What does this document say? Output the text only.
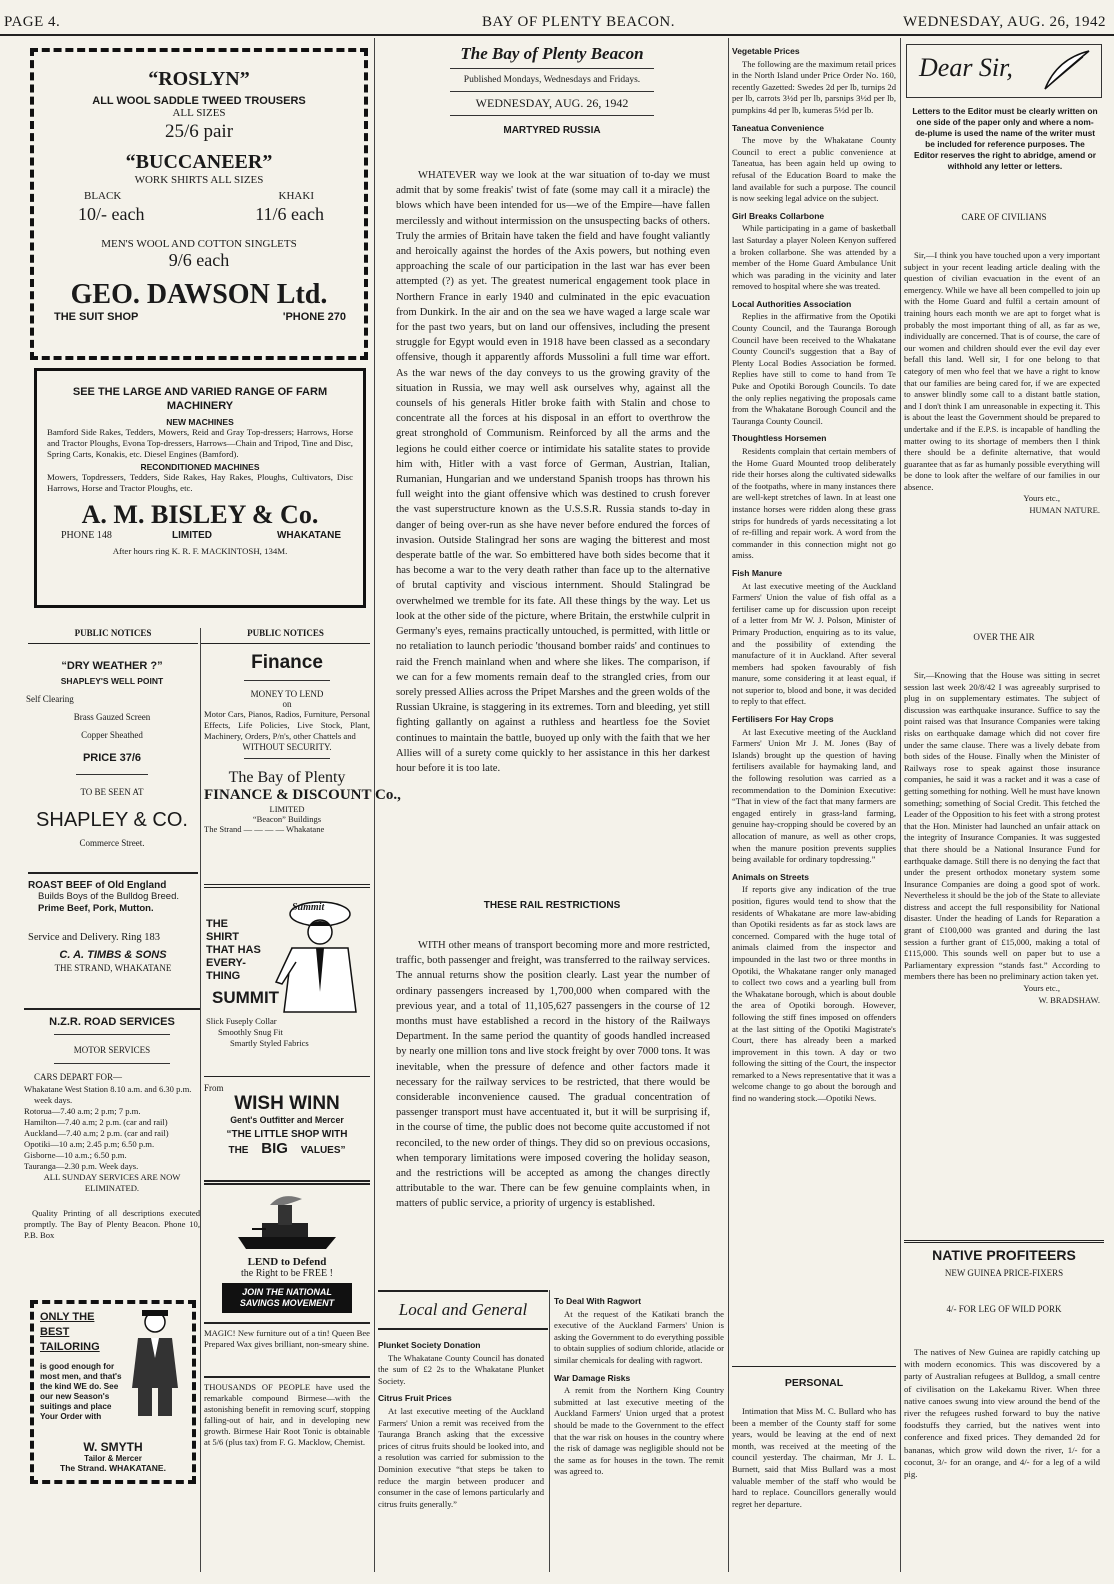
PAGE 4.	BAY OF PLENTY BEACON.	WEDNESDAY, AUG. 26, 1942
“ROSLYN”
ALL WOOL SADDLE TWEED TROUSERS
ALL SIZES
25/6 pair
“BUCCANEER”
WORK SHIRTS ALL SIZES
BLACK	KHAKI
10/- each	11/6 each
MEN'S WOOL AND COTTON SINGLETS
9/6 each
GEO. DAWSON Ltd.
THE SUIT SHOP	'PHONE 270
SEE THE LARGE AND VARIED RANGE OF FARM MACHINERY
NEW MACHINES
Bamford Side Rakes, Tedders, Mowers, Reid and Gray Top-dressers; Harrows, Horse and Tractor Ploughs, Evona Top-dressers, Harrows—Chain and Tripod, Tine and Disc, Spring Carts, Konakis, etc. Diesel Engines (Bamford).
RECONDITIONED MACHINES
Mowers, Topdressers, Tedders, Side Rakes, Hay Rakes, Ploughs, Cultivators, Disc Harrows, Horse and Tractor Ploughs, etc.
A. M. BISLEY & Co.
PHONE 148	LIMITED	WHAKATANE
After hours ring K. R. F. MACKINTOSH, 134M.
PUBLIC NOTICES	PUBLIC NOTICES
“DRY WEATHER ?”
SHAPLEY'S WELL POINT
Self Clearing
Brass Gauzed Screen
Copper Sheathed
PRICE 37/6
TO BE SEEN AT
SHAPLEY & CO.
Commerce Street.
ROAST BEEF of Old England
Builds Boys of the Bulldog Breed.
Prime Beef, Pork, Mutton.
Service and Delivery. Ring 183
C. A. TIMBS & SONS
THE STRAND, WHAKATANE
N.Z.R. ROAD SERVICES
MOTOR SERVICES
CARS DEPART FOR—
Whakatane West Station 8.10 a.m. and 6.30 p.m. week days.
Rotorua—7.40 a.m; 2 p.m; 7 p.m.
Hamilton—7.40 a.m; 2 p.m. (car and rail)
Auckland—7.40 a.m; 2 p.m. (car and rail)
Opotiki—10 a.m; 2.45 p.m; 6.50 p.m.
Gisborne—10 a.m.; 6.50 p.m.
Tauranga—2.30 p.m. Week days.
ALL SUNDAY SERVICES ARE NOW ELIMINATED.
Quality Printing of all descriptions executed promptly. The Bay of Plenty Beacon. Phone 10, P.B. Box
ONLY THE
BEST
TAILORING
is good enough for most men, and that's the kind WE do. See our new Season's suitings and place Your Order with
W. SMYTH
Tailor & Mercer
The Strand. WHAKATANE.
Finance
MONEY TO LEND
on
Motor Cars, Pianos, Radios, Furniture, Personal Effects, Life Policies, Live Stock, Plant, Machinery, Orders, P/n's, other Chattels and
WITHOUT SECURITY.
The Bay of Plenty
FINANCE & DISCOUNT Co.,
LIMITED
“Beacon” Buildings
The Strand — — — — Whakatane
THE SHIRT THAT HAS EVERY-THING
SUMMIT
Summit
Slick Fuseply Collar
Smoothly Snug Fit
Smartly Styled Fabrics
From
WISH WINN
Gent's Outfitter and Mercer
“THE LITTLE SHOP WITH
THE BIG VALUES”
LEND to Defend
the Right to be FREE !
JOIN THE NATIONAL SAVINGS MOVEMENT
MAGIC! New furniture out of a tin! Queen Bee Prepared Wax gives brilliant, non-smeary shine.
THOUSANDS OF PEOPLE have used the remarkable compound Birmese—with the astonishing benefit in removing scurf, stopping falling-out of hair, and in developing new growth. Birmese Hair Root Tonic is obtainable at 5/6 (plus tax) from F. G. Macklow, Chemist.
The Bay of Plenty Beacon
Published Mondays, Wednesdays and Fridays.
WEDNESDAY, AUG. 26, 1942
MARTYRED RUSSIA

WHATEVER way we look at the war situation of to-day we must admit that by some freakis' twist of fate (some may call it a miracle) the blows which have been intended for us—we of the Empire—have fallen mercilessly and without intermission on the unsuspecting backs of others. Truly the armies of Britain have taken the field and have fought valiantly and heroically against the hordes of the Axis powers, but nothing even approaching the scale of our participation in the last war has ever been attempted (?) as yet. The greatest numerical engagement took place in Northern France in early 1940 and culminated in the epic evacuation from Dunkirk. In the air and on the sea we have waged a large scale war for the past two years, but on land our offensives, including the present struggle for Egypt would even in 1918 have been classed as a secondary offensive, though it apparently affords Mussolini a full time war effort. As the war news of the day conveys to us the growing gravity of the situation in Russia, we may well ask ourselves why, against all the counsels of his generals Hitler broke faith with Stalin and chose to concentrate all the forces at his disposal in an effort to overthrow the great stronghold of Communism. Reinforced by all the arms and the legions he could either coerce or intimidate his satalite states to provide him with, Hitler with a vast force of German, Austrian, Italian, Rumanian, Hungarian and we understand Spanish troops has thrown his full weight into the giant offensive which was destined to crush forever the vast superstructure known as the U.S.S.R. Russia stands to-day in danger of being over-run as she have never before endured the forces of invasion. Outside Stalingrad her sons are waging the bitterest and most desperate battle of the war. So embittered have both sides become that it has become a war to the very death rather than face up to the alternative of brutal captivity and viscious internment. Should Stalingrad be overwhelmed we tremble for its fate. All these things by the way. Let us look at the other side of the picture, where Britain, the erstwhile culprit in Germany's eyes, remains practically untouched, is permitted, with little or no retaliation to launch periodic 'thousand bomber raids' and continues to raid the French mainland when and where she likes. The comparison, if we can for a few moments remain deaf to the strangled cries, from our sorely pressed Allies across the Pripet Marshes and the green wolds of the Russian Ukraine, is staggering in its extremes. Torn and bleeding, yet still fighting gallantly on against a ruthless and heartless foe the Soviet continues to maintain the battle, buoyed up only with the faith that we her Allies will of a surety come quickly to her assistance in this her darkest hour before it is too late.

THESE RAIL RESTRICTIONS

WITH other means of transport becoming more and more restricted, traffic, both passenger and freight, was transferred to the railway services. The annual returns show the position clearly. Last year the number of ordinary passengers increased by 1,700,000 when compared with the previous year, and a total of 11,105,627 passengers in the course of 12 months must have established a record in the history of the Railways Department. In the same period the quantity of goods handled increased by nearly one million tons and live stock freight by over 7000 tons. It was inevitable, when the pressure of defence and other factors made it necessary for the railway services to be restricted, that there would be considerable inconvenience caused. The gradual concentration of passenger transport must have accentuated it, but it will be surprising if, in the course of time, the public does not become quite accustomed if not reconciled, to the new order of things. They did so on previous occasions, when temporary limitations were imposed covering the holiday season, and the restrictions will be accepted as among the changes directly attributable to the war. There can be few genuine complaints when, in matters of public service, a priority of urgency is established.

Local and General
Plunket Society Donation

The Whakatane County Council has donated the sum of £2 2s to the Whakatane Plunket Society.

Citrus Fruit Prices

At last executive meeting of the Auckland Farmers' Union a remit was received from the Tauranga Branch asking that the excessive prices of citrus fruits should be looked into, and a resolution was carried for submission to the Dominion executive “that steps be taken to reduce the margin between producer and consumer in the case of lemons particularly and citrus fruits generally.”

To Deal With Ragwort

At the request of the Katikati branch the executive of the Auckland Farmers' Union is asking the Government to do everything possible to obtain supplies of sodium chloride, atlacide or similar chemicals for dealing with ragwort.

War Damage Risks

A remit from the Northern King Country submitted at last executive meeting of the Auckland Farmers' Union urged that a protest should be made to the Government to the effect that the war risk on houses in the country where the risk of damage was negligible should not be the same as for houses in the town. The remit was agreed to.

Vegetable Prices

The following are the maximum retail prices in the North Island under Price Order No. 160, recently Gazetted: Swedes 2d per lb, turnips 2d per lb, carrots 3½d per lb, parsnips 3½d per lb, pumpkins 4d per lb, kumeras 5½d per lb.

Taneatua Convenience

The move by the Whakatane County Council to erect a public convenience at Taneatua, has been again held up owing to refusal of the Education Board to make the land available for such a purpose. The council is now seeking legal advice on the subject.

Girl Breaks Collarbone

While participating in a game of basketball last Saturday a player Noleen Kenyon suffered a broken collarbone. She was attended by a member of the Home Guard Ambulance Unit which was parading in the vicinity and later removed to hospital where she was treated.

Local Authorities Association

Replies in the affirmative from the Opotiki County Council, and the Tauranga Borough Council have been received to the Whakatane County Council's suggestion that a Bay of Plenty Local Bodies Association be formed. Replies have still to come to hand from Te Puke and Opotiki Borough Councils. To date the only replies negativing the proposals came from the Whakatane Borough Council and the Tauranga County Council.

Thoughtless Horsemen

Residents complain that certain members of the Home Guard Mounted troop deliberately ride their horses along the cultivated sidewalks of the footpaths, where in many instances there are well-kept stretches of lawn. In at least one instance horses were ridden along these grass strips for hundreds of yards necessitating a lot of re-filling and repair work. A word from the commander in this connection might not go amiss.

Fish Manure

At last executive meeting of the Auckland Farmers' Union the value of fish offal as a fertiliser came up for discussion upon receipt of a letter from Mr W. J. Polson, Minister of Primary Production, enquiring as to its value, and the possibility of extending the manufacture of it in Auckland. After several members had spoken favourably of fish manure, some considering it at least equal, if not superior to, blood and bone, it was decided to reply to that effect.

Fertilisers For Hay Crops

At last Executive meeting of the Auckland Farmers' Union Mr J. M. Jones (Bay of Islands) brought up the question of having fertilisers available for haymaking land, and the following resolution was carried as a recommendation to the Dominion Executive: “That in view of the fact that many farmers are engaged entirely in grass-land farming, genuine hay-cropping should be covered by an allocation of manure, as well as other crops, when the manure position prevents supplies being available for ordinary topdressing.”

Animals on Streets

If reports give any indication of the true position, figures would tend to show that the residents of Whakatane are more law-abiding than Opotiki residents as far as stock laws are concerned. Compared with the huge total of animals claimed from the inspector and impounded in the last two or three months in Opotiki, the Whakatane ranger only managed to collect two cows and a yearling bull from the Whakatane borough, which is about double the area of Opotiki borough. However, following the stiff fines imposed on offenders at the last sitting of the Opotiki Magistrate's Court, there has already been a marked improvement in this town. A day or two following the sitting of the Court, the inspector remarked to a News representative that it was a welcome change to go about the borough and find no wandering stock.—Opotiki News.

PERSONAL

Intimation that Miss M. C. Bullard who has been a member of the County staff for some years, would be leaving at the end of next month, was received at the meeting of the council yesterday. The chairman, Mr J. L. Burnett, said that Miss Bullard was a most valuable member of the staff who would be hard to replace. Councillors generally would regret her departure.

Dear Sir,
Letters to the Editor must be clearly written on one side of the paper only and where a nom-de-plume is used the name of the writer must be included for reference purposes. The Editor reserves the right to abridge, amend or withhold any letter or letters.
CARE OF CIVILIANS

Sir,—I think you have touched upon a very important subject in your recent leading article dealing with the question of civilian evacuation in the event of an emergency. While we have all been compelled to join up with the Home Guard and fulfil a certain amount of training hours each month we are apt to forget what is probably the most important thing of all, as far as we, individually are concerned. That is of course, the care of our women and children should ever the evil day ever befall this land. Well sir, I for one belong to that category of men who feel that we have a right to know that our families are being cared for, if we are expected to answer blindly some call to a distant battle station, and I don't think I am unreasonable in expecting it. This is about the least the Government should be prepared to undertake and if the E.P.S. is incapable of handling the matter owing to its shortage of members then I think there should be a definite alternative, that would guarantee that as far as humanly possible everything will be done to look after the welfare of our families in our absence.

Yours etc.,
HUMAN NATURE.
OVER THE AIR

Sir,—Knowing that the House was sitting in secret session last week 20/8/42 I was agreeably surprised to plug in on supplementary estimates. The subject of discussion was earthquake insurance. Suffice to say the point raised was that Insurance Companies were taking risks on earthquake damage which did not cover fire under the same clause. There was a lively debate from both sides of the House. Finally when the Minister of Railways rose to speak against those insurance companies, he said it was a racket and it was a case of getting something for nothing. Well he must have known something; something of Social Credit. This fetched the Leader of the Opposition to his feet with a strong protest that the Hon. Minister had launched an unfair attack on the integrity of Insurance Companies. It was suggested that there should be a National Insurance Fund for earthquake damage. Still there is no denying the fact that under the present orthodox monetary system some Insurance Companies are doing a good spot of work. Nevertheless it should be the job of the State to alleviate distress and accept the full responsibility for National disaster. Under the heading of Lands for Reparation a grant of £100,000 was granted and during the last session a further grant of £15,000, making a total of £115,000. This sounds well on paper but to use a Parliamentary expression “stands fast.” According to members there has been no preliminary action taken yet.

Yours etc.,
W. BRADSHAW.
NATIVE PROFITEERS
NEW GUINEA PRICE-FIXERS
4/- FOR LEG OF WILD PORK

The natives of New Guinea are rapidly catching up with modern economics. This was discovered by a party of Australian refugees at Bulldog, a small centre of civilisation on the Lakekamu River. When three native canoes swung into view around the bend of the river the refugees rushed forward to buy the native foodstuffs they carried, but the natives went into conference and fixed prices. They demanded 2d for bananas, which grow wild down the river, 1/- for a coconut, 3/- for an orange, and 4/- for a leg of a wild pig.
